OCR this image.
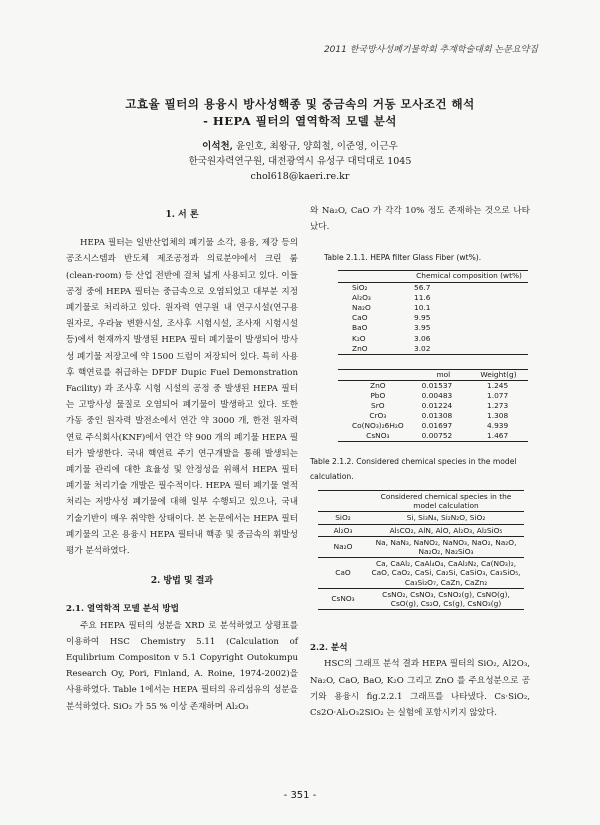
2011 한국방사성폐기물학회 추계학술대회 논문요약집
고효율 필터의 용융시 방사성핵종 및 중금속의 거동 모사조건 해석
- HEPA 필터의 열역학적 모델 분석
이석천, 윤인호, 최왕규, 양희철, 이준영, 이근우
한국원자력연구원, 대전광역시 유성구 대덕대로 1045
chol618@kaeri.re.kr
1. 서 론

HEPA 필터는 일반산업체의 폐기물 소각, 용융, 제강 등의 공조시스템과 반도체 제조공정과 의료분야에서 크린 룸 (clean-room) 등 산업 전반에 걸쳐 넓게 사용되고 있다. 이들 공정 중에 HEPA 필터는 중금속으로 오염되었고 대부분 지정폐기물로 처리하고 있다. 원자력 연구원 내 연구시설(연구용 원자로, 우라늄 변환시설, 조사후 시험시설, 조사재 시험시설 등)에서 현재까지 발생된 HEPA 필터 폐기물이 발생되어 방사성 폐기물 저장고에 약 1500 드럼이 저장되어 있다. 특히 사용 후 핵연료를 취급하는 DFDF Dupic Fuel Demonstration Facility) 과 조사후 시험 시설의 공정 중 발생된 HEPA 필터는 고방사성 물질로 오염되어 폐기물이 발생하고 있다. 또한 가동 중인 원자력 발전소에서 연간 약 3000 개, 한전 원자력 연료 주식회사(KNF)에서 연간 약 900 개의 폐기물 HEPA 필터가 발생한다. 국내 핵연료 주기 연구개발을 통해 발생되는 폐기물 관리에 대한 효율성 및 안정성을 위해서 HEPA 필터 폐기물 처리기술 개발은 필수적이다. HEPA 필터 폐기물 열적 처리는 저방사성 폐기물에 대해 일부 수행되고 있으나, 국내 기술기반이 매우 취약한 상태이다. 본 논문에서는 HEPA 필터 폐기물의 고온 용융시 HEPA 필터내 핵종 및 중금속의 휘발성 평가 분석하였다.

2. 방법 및 결과
2.1. 열역학적 모델 분석 방법

주요 HEPA 필터의 성분을 XRD 로 분석하였고 상평표를 이용하여 HSC Chemistry 5.11 (Calculation of Equlibrium Compositon v 5.1 Copyright Outokumpu Research Oy, Pori, Finland, A. Roine, 1974-2002)을 사용하였다. Table 1에서는 HEPA 필터의 유리섬유의 성분을 분석하였다. SiO₂ 가 55 % 이상 존재하며 Al₂O₃

와 Na₂O, CaO 가 각각 10% 정도 존재하는 것으로 나타났다.

Table 2.1.1. HEPA filter Glass Fiber (wt%).
	Chemical composition (wt%)
SiO₂	56.7
Al₂O₃	11.6
Na₂O	10.1
CaO	9.95
BaO	3.95
K₂O	3.06
ZnO	3.02
	mol	Weight(g)
ZnO	0.01537	1.245
PbO	0.00483	1.077
SrO	0.01224	1.273
CrO₃	0.01308	1.308
Co(NO₃)₂6H₂O	0.01697	4.939
CsNO₃	0.00752	1.467
Table 2.1.2. Considered chemical species in the model calculation.
	Considered chemical species in the model calculation
SiO₂	Si, Si₃N₄, Si₂N₂O, SiO₂
Al₂O₃	Al₅CO₂, AlN, AlO, Al₂O₃, Al₂SiO₅
Na₂O	Na, NaN₃, NaNO₂, NaNO₃, NaO₂, Na₂O, Na₂O₂, Na₂SiO₃
CaO	Ca, CaAl₂, CaAl₄O₄, CaAl₂N₂, Ca(NO₃)₂, CaO, CaO₂, CaSi, Ca₂Si, CaSiO₃, Ca₃SiO₅, Ca₃Si₂O₇, CaZn, CaZn₂
CsNO₃	CsNO₂, CsNO₃, CsNO₂(g), CsNO(g), CsO(g), Cs₂O, Cs(g), CsNO₃(g)
2.2. 분석

HSC의 그래프 분석 결과 HEPA 필터의 SiO₂, Al2O₃, Na₂O, CaO, BaO, K₂O 그리고 ZnO 를 주요성분으로 공기와 용융시 fig.2.2.1 그래프를 나타냈다. Cs·SiO₂, Cs2O·Al₂O₃2SiO₂ 는 실험에 포함시키지 않았다.

- 351 -
